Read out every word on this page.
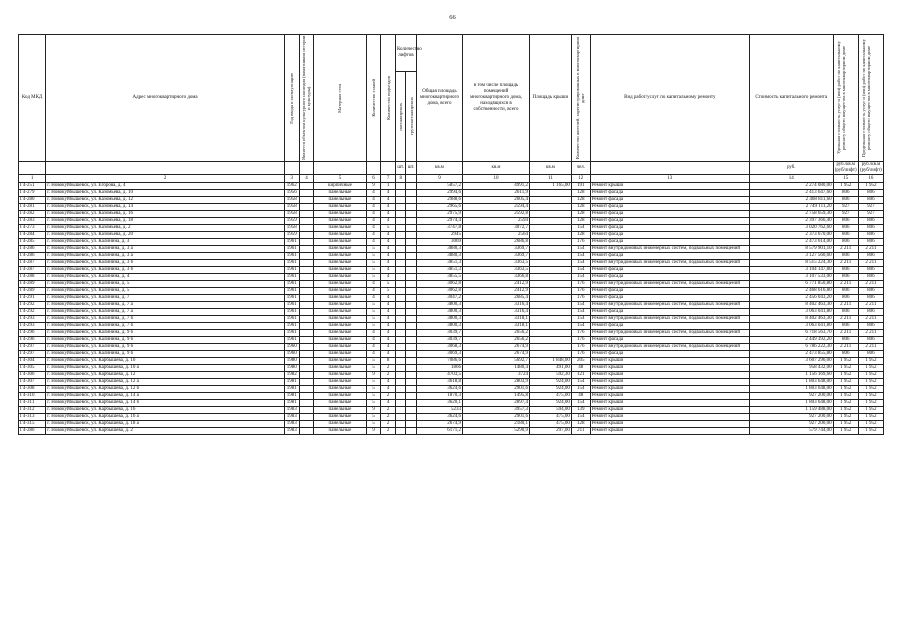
66
Код МКД	Адрес многоквартирного дома	Год ввода в эксплуатацию	Является объектом культурного наследия (памятником истории и культуры)	Материал стен	Количество этажей	Количество подъездов	Количество лифтов		Общая площадь многоквартирного дома, всего	в том числе площадь помещений многоквартирного дома, находящихся в собственности, всего	Площадь крыши	Количество жителей, зарегистрированных в многоквартирном доме	Вид работ/услуг по капитальному ремонту	Стоимость капитального ремонта	Удельная стоимость услуг и (или) работ по капитальному ремонту общего имущества в многоквартирном доме	Предельная стоимость услуг и (или) работ по капитальному ремонту общего имущества в многоквартирном доме

							пассажирских	грузопассажирских								

							шт.	шт.	кв.м	кв.м	кв.м	чел.		руб.	руб./кв.м (руб/лифт)	руб./кв.м (руб/лифт)
1	2	3	4	5	6	7	8		9	10	11	12	13	14	15	16
Г4-251	г. Новокуйбышевск, ул. Егорова, д. 4	1962		кирпичные	9	1			5857,2	4991,2	1 165,00	191	Ремонт крыши	2 274 080,00	1 952	1 952
Г4-279	г. Новокуйбышевск, ул. Казомьева, д. 10	1956		панельные	4	4			2994,6	2611,9		128	Ремонт фасада	2 413 647,60	806	806
Г4-280	г. Новокуйбышевск, ул. Казомьева, д. 12	1958		панельные	4	4			2988,6	2605,4		128	Ремонт фасада	2 408 811,60	806	806
Г4-281	г. Новокуйбышевск, ул. Казомьева, д. 14	1958		панельные	4	4			2965,6	2594,4		128	Ремонт фасада	2 749 111,20	927	927
Г4-282	г. Новокуйбышевск, ул. Казомьева, д. 16	1958		панельные	4	4			2975,9	2592,8		128	Ремонт фасада	2 758 659,30	927	927
Г4-283	г. Новокуйбышевск, ул. Казомьева, д. 18	1959		панельные	4	4			2974,4	2594		128	Ремонт фасада	2 397 366,40	806	806
Г4-273	г. Новокуйбышевск, ул. Казомьева, д. 2	1958		панельные	4	5			3747,8	3072,7		154	Ремонт фасада	3 020 762,60	806	806
Г4-284	г. Новокуйбышевск, ул. Казомьева, д. 20	1959		панельные	4	4			2945	2564		128	Ремонт фасада	2 373 670,00	806	806
Г4-285	г. Новокуйбышевск, ул. Калинина, д. 3	1961		панельные	4	4			3069	2686,8		176	Ремонт фасада	2 473 614,00	806	806
Г4-286	г. Новокуйбышевск, ул. Калинина, д. 3 а	1961		панельные	5	4			3880,3	3369,7		154	Ремонт внутридомовых инженерных систем, подвальных помещений	8 579 901,10	2 211	2 211
Г4-286	г. Новокуйбышевск, ул. Калинина, д. 3 а	1961		панельные	5	4			3880,3	3369,7		154	Ремонт фасада	3 127 560,60	806	806
Г4-287	г. Новокуйбышевск, ул. Калинина, д. 3 б	1961		панельные	5	4			3851,3	3363,5		154	Ремонт внутридомовых инженерных систем, подвальных помещений	8 515 224,30	2 211	2 211
Г4-287	г. Новокуйбышевск, ул. Калинина, д. 3 б	1961		панельные	5	4			3851,3	3363,5		154	Ремонт фасада	3 104 147,80	806	806
Г4-288	г. Новокуйбышевск, ул. Калинина, д. 4	1961		панельные	5	4			3855,5	3366,8		154	Ремонт фасада	3 107 533,00	806	806
Г4-289	г. Новокуйбышевск, ул. Калинина, д. 5	1961		панельные	4	5			3062,8	2412,9		176	Ремонт внутридомовых инженерных систем, подвальных помещений	6 771 850,80	2 211	2 211
Г4-289	г. Новокуйбышевск, ул. Калинина, д. 5	1961		панельные	4	5			3062,8	2412,9		176	Ремонт фасада	2 468 616,80	806	806
Г4-291	г. Новокуйбышевск, ул. Калинина, д. 7	1961		панельные	4	4			3047,2	2685,4		176	Ремонт фасада	2 456 043,20	806	806
Г4-292	г. Новокуйбышевск, ул. Калинина, д. 7 а	1961		панельные	5	4			3800,3	3316,4		154	Ремонт внутридомовых инженерных систем, подвальных помещений	8 402 463,30	2 211	2 211
Г4-292	г. Новокуйбышевск, ул. Калинина, д. 7 а	1961		панельные	5	4			3800,3	3316,4		154	Ремонт фасада	3 063 041,80	806	806
Г4-293	г. Новокуйбышевск, ул. Калинина, д. 7 б	1961		панельные	5	4			3800,3	3318,1		154	Ремонт внутридомовых инженерных систем, подвальных помещений	8 402 463,30	2 211	2 211
Г4-293	г. Новокуйбышевск, ул. Калинина, д. 7 б	1961		панельные	5	4			3800,3	3318,1		154	Ремонт фасада	3 063 041,80	806	806
Г4-296	г. Новокуйбышевск, ул. Калинина, д. 9 б	1961		панельные	4	4			3039,7	2656,2		176	Ремонт внутридомовых инженерных систем, подвальных помещений	6 718 563,70	2 211	2 211
Г4-296	г. Новокуйбышевск, ул. Калинина, д. 9 б	1961		панельные	4	4			3039,7	2656,2		176	Ремонт фасада	2 449 392,20	806	806
Г4-297	г. Новокуйбышевск, ул. Калинина, д. 9 б	1960		панельные	4	4			3068,3	2674,9		176	Ремонт внутридомовых инженерных систем, подвальных помещений	6 786 222,30	2 211	2 211
Г4-297	г. Новокуйбышевск, ул. Калинина, д. 9 б	1960		панельные	4	4			3069,3	2674,9		176	Ремонт фасада	2 473 855,80	806	806
Г4-304	г. Новокуйбышевск, ул. Карбышева, д. 10	1980		панельные	5	8			7086,6	5692,7	1 848,00	205	Ремонт крыши	3 607 296,00	1 952	1 952
Г4-305	г. Новокуйбышевск, ул. Карбышева, д. 10 а	1980		панельные	5	2			1866	1480,4	491,00	48	Ремонт крыши	958 432,00	1 952	1 952
Г4-306	г. Новокуйбышевск, ул. Карбышева, д. 12	1982		панельные	9	2			4703,5	3724	592,30	121	Ремонт крыши	1 156 169,60	1 952	1 952
Г4-307	г. Новокуйбышевск, ул. Карбышева, д. 12 а	1981		панельные	5	4			3618,8	2803,9	924,00	154	Ремонт крыши	1 803 648,00	1 952	1 952
Г4-308	г. Новокуйбышевск, ул. Карбышева, д. 12 б	1981		панельные	5	4			3624,6	2901,6	924,00	154	Ремонт крыши	1 803 648,00	1 952	1 952
Г4-310	г. Новокуйбышевск, ул. Карбышева, д. 14 а	1981		панельные	5	2			1870,3	1495,8	475,00	48	Ремонт крыши	927 200,00	1 952	1 952
Г4-311	г. Новокуйбышевск, ул. Карбышева, д. 14 б	1981		панельные	5	4			3620,1	2897,4	924,00	154	Ремонт крыши	1 803 648,00	1 952	1 952
Г4-312	г. Новокуйбышевск, ул. Карбышева, д. 16	1983		панельные	9	2			5233	3957,3	594,00	139	Ремонт крыши	1 159 488,00	1 952	1 952
Г4-313	г. Новокуйбышевск, ул. Карбышева, д. 16 а	1983		панельные	5	2			3624,6	2901,6	475,00	154	Ремонт крыши	927 200,00	1 952	1 952
Г4-315	г. Новокуйбышевск, ул. Карбышева, д. 18 а	1983		панельные	5	2			2674,9	2180,1	475,00	128	Ремонт крыши	927 200,00	1 952	1 952
Г4-286	г. Новокуйбышевск, ул. Карбышева, д. 2	1983		панельные	9	2			6171,2	5290,9	297,00	211	Ремонт крыши	579 744,00	1 952	1 952
